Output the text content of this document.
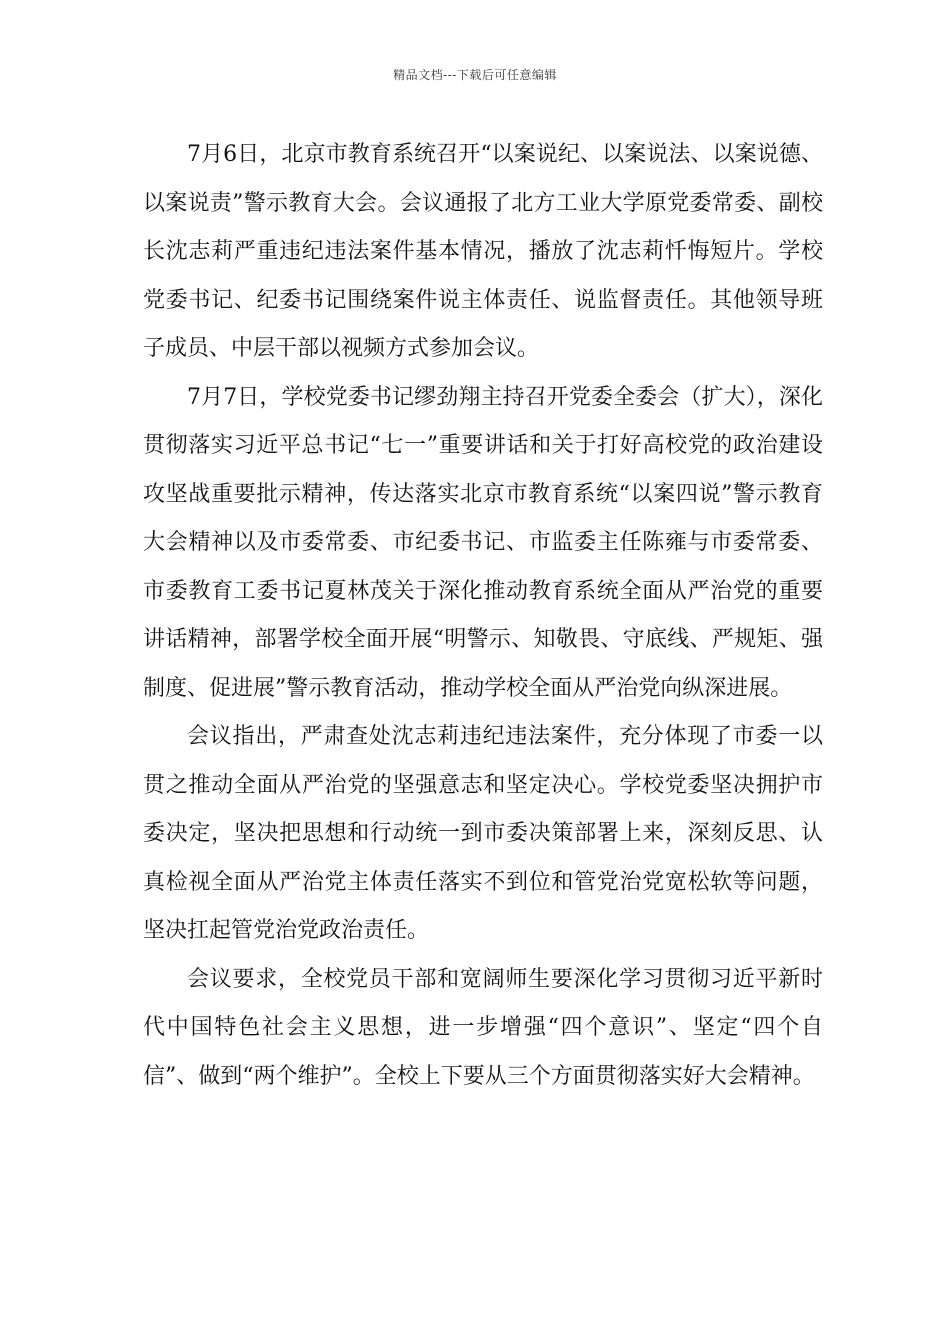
精品文档---下载后可任意编辑

7月6日，北京市教育系统召开“以案说纪、以案说法、以案说德、以案说责”警示教育大会。会议通报了北方工业大学原党委常委、副校长沈志莉严重违纪违法案件基本情况，播放了沈志莉忏悔短片。学校党委书记、纪委书记围绕案件说主体责任、说监督责任。其他领导班子成员、中层干部以视频方式参加会议。

7月7日，学校党委书记缪劲翔主持召开党委全委会（扩大），深化贯彻落实习近平总书记“七一”重要讲话和关于打好高校党的政治建设攻坚战重要批示精神，传达落实北京市教育系统“以案四说”警示教育大会精神以及市委常委、市纪委书记、市监委主任陈雍与市委常委、市委教育工委书记夏林茂关于深化推动教育系统全面从严治党的重要讲话精神，部署学校全面开展“明警示、知敬畏、守底线、严规矩、强制度、促进展”警示教育活动，推动学校全面从严治党向纵深进展。

会议指出，严肃查处沈志莉违纪违法案件，充分体现了市委一以贯之推动全面从严治党的坚强意志和坚定决心。学校党委坚决拥护市委决定，坚决把思想和行动统一到市委决策部署上来，深刻反思、认真检视全面从严治党主体责任落实不到位和管党治党宽松软等问题，坚决扛起管党治党政治责任。

会议要求，全校党员干部和宽阔师生要深化学习贯彻习近平新时代中国特色社会主义思想，进一步增强“四个意识”、坚定“四个自信”、做到“两个维护”。全校上下要从三个方面贯彻落实好大会精神。
